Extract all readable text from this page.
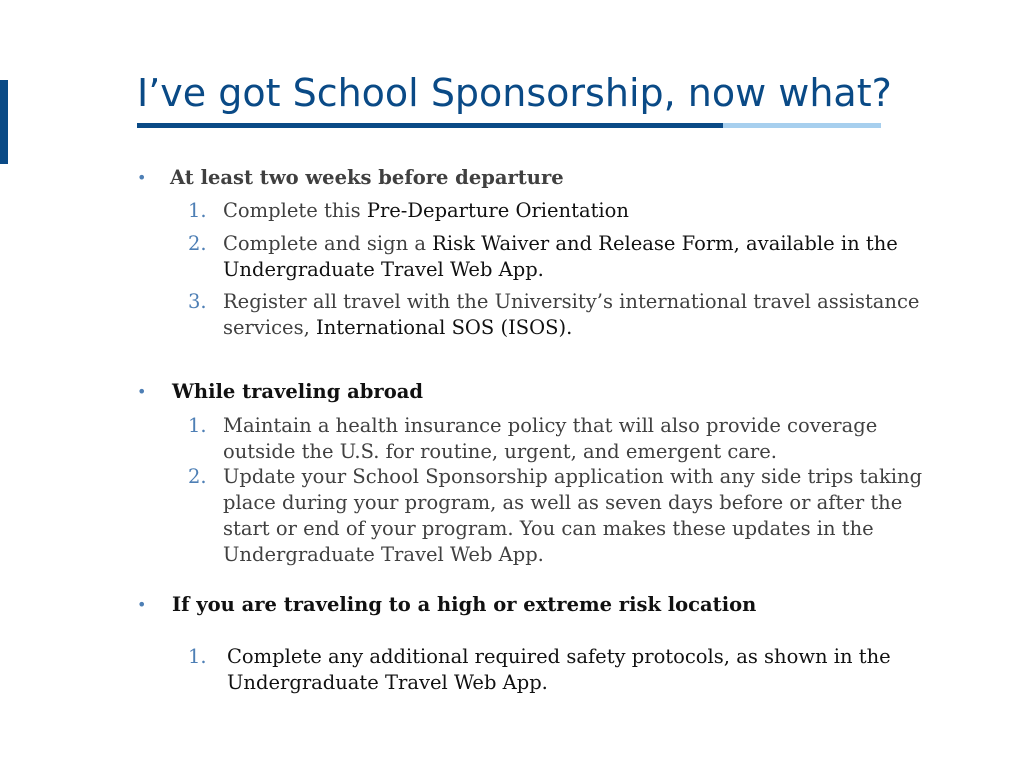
I’ve got School Sponsorship, now what?
• At least two weeks before departure
1. Complete this Pre-Departure Orientation
2. Complete and sign a Risk Waiver and Release Form, available in the Undergraduate Travel Web App.
3. Register all travel with the University’s international travel assistance services, International SOS (ISOS).
• While traveling abroad
1. Maintain a health insurance policy that will also provide coverage outside the U.S. for routine, urgent, and emergent care.
2. Update your School Sponsorship application with any side trips taking place during your program, as well as seven days before or after the start or end of your program. You can makes these updates in the Undergraduate Travel Web App.
• If you are traveling to a high or extreme risk location
1. Complete any additional required safety protocols, as shown in the Undergraduate Travel Web App.
